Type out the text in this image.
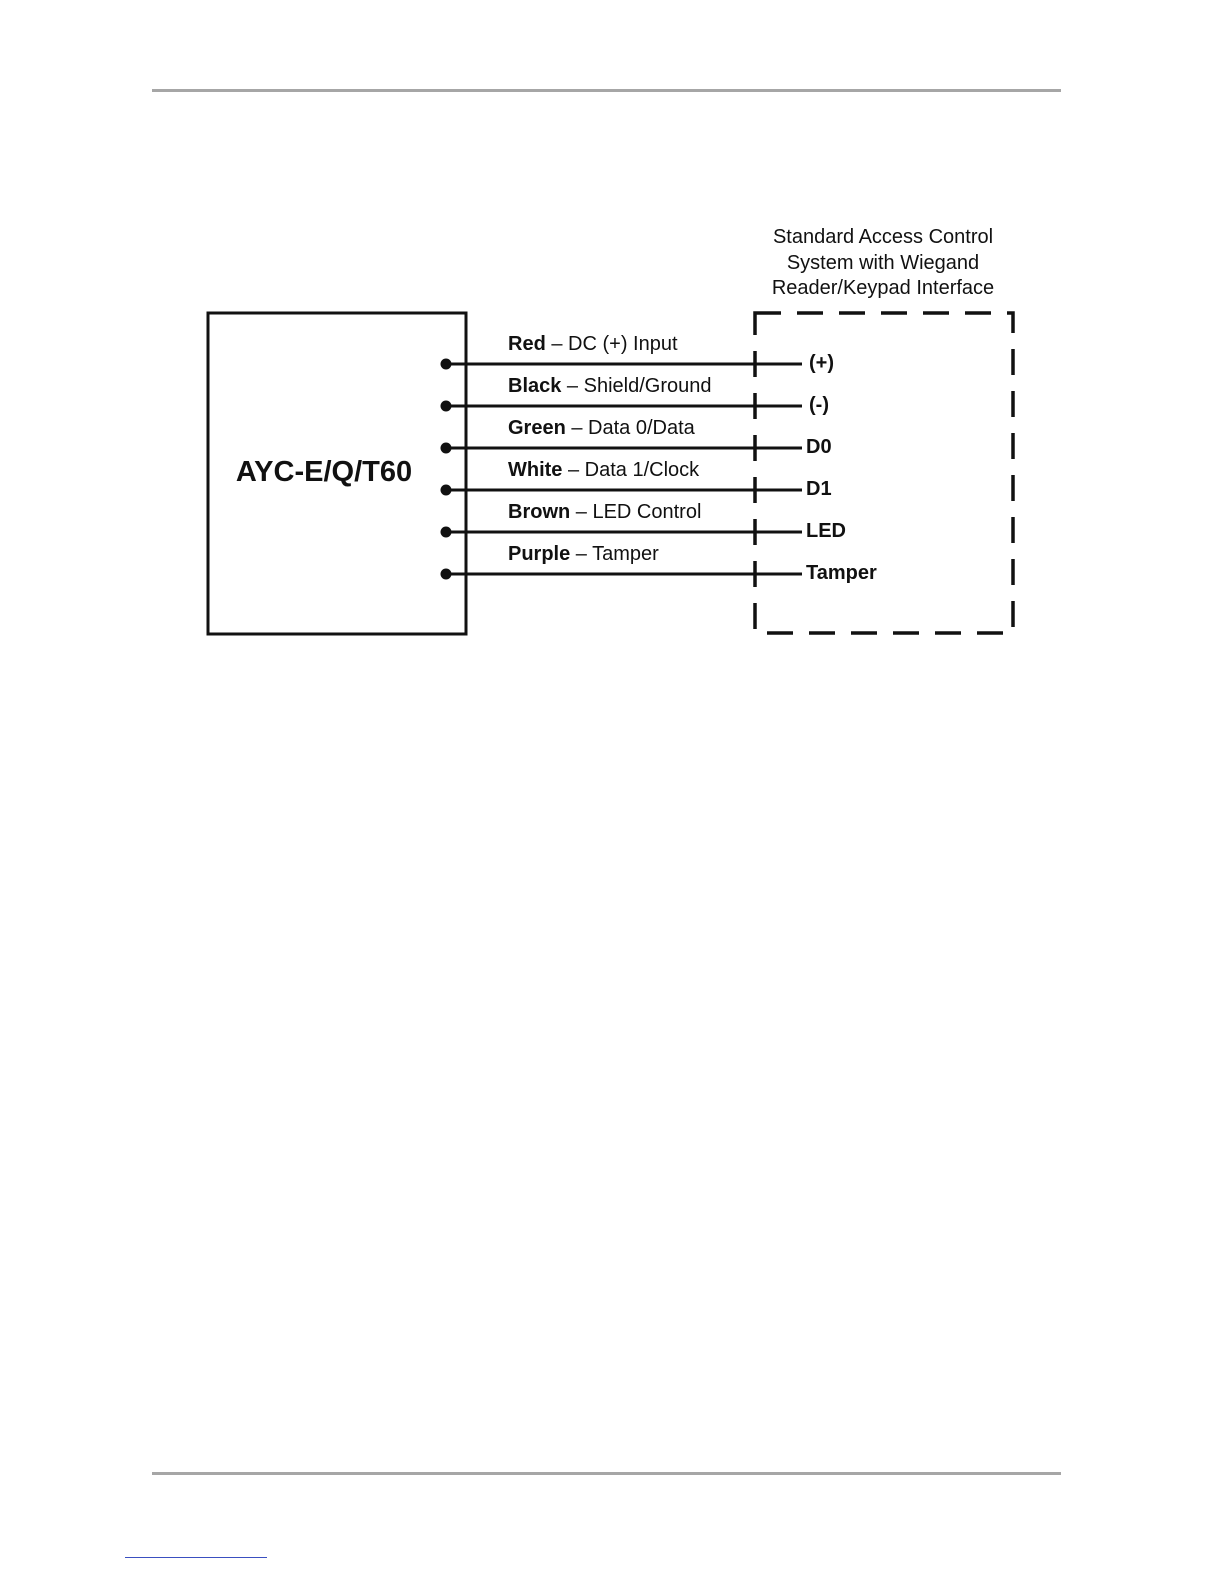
AYC-E/Q/T60
Standard Access Control
System with Wiegand
Reader/Keypad Interface
Red – DC (+) Input
(+)
Black – Shield/Ground
(-)
Green – Data 0/Data
D0
White – Data 1/Clock
D1
Brown – LED Control
LED
Purple – Tamper
Tamper
